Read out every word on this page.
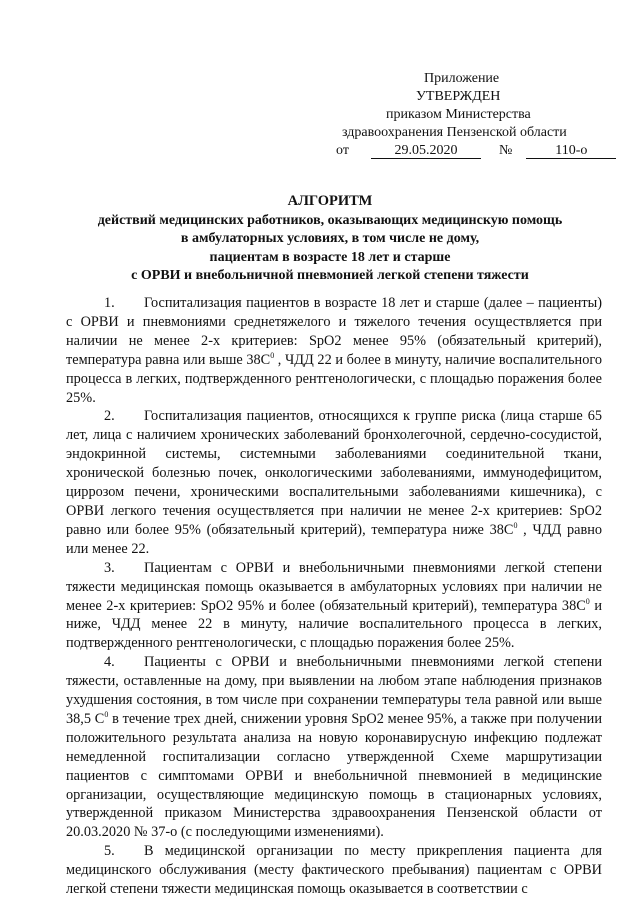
Приложение
УТВЕРЖДЕН
приказом Министерства
здравоохранения Пензенской области
от	29.05.2020	№	110-о
АЛГОРИТМ
действий медицинских работников, оказывающих медицинскую помощь
в амбулаторных условиях, в том числе не дому,
пациентам в возрасте 18 лет и старше
с ОРВИ и внебольничной пневмонией легкой степени тяжести

1. Госпитализация пациентов в возрасте 18 лет и старше (далее – пациенты) с ОРВИ и пневмониями среднетяжелого и тяжелого течения осуществляется при наличии не менее 2-х критериев: SpO2 менее 95% (обязательный критерий), температура равна или выше $38С^0$ , ЧДД 22 и более в минуту, наличие воспалительного процесса в легких, подтвержденного рентгенологически, с площадью поражения более 25%.

2. Госпитализация пациентов, относящихся к группе риска (лица старше 65 лет, лица с наличием хронических заболеваний бронхолегочной, сердечно-сосудистой, эндокринной системы, системными заболеваниями соединительной ткани, хронической болезнью почек, онкологическими заболеваниями, иммунодефицитом, циррозом печени, хроническими воспалительными заболеваниями кишечника), с ОРВИ легкого течения осуществляется при наличии не менее 2-х критериев: SpO2 равно или более 95% (обязательный критерий), температура ниже $38С^0$ , ЧДД равно или менее 22.

3. Пациентам с ОРВИ и внебольничными пневмониями легкой степени тяжести медицинская помощь оказывается в амбулаторных условиях при наличии не менее 2-х критериев: SpO2 95% и более (обязательный критерий), температура $38С^0$ и ниже, ЧДД менее 22 в минуту, наличие воспалительного процесса в легких, подтвержденного рентгенологически, с площадью поражения более 25%.

4. Пациенты с ОРВИ и внебольничными пневмониями легкой степени тяжести, оставленные на дому, при выявлении на любом этапе наблюдения признаков ухудшения состояния, в том числе при сохранении температуры тела равной или выше 38,5 $С^0$ в течение трех дней, снижении уровня SpO2 менее 95%, а также при получении положительного результата анализа на новую коронавирусную инфекцию подлежат немедленной госпитализации согласно утвержденной Схеме маршрутизации пациентов с симптомами ОРВИ и внебольничной пневмонией в медицинские организации, осуществляющие медицинскую помощь в стационарных условиях, утвержденной приказом Министерства здравоохранения Пензенской области от 20.03.2020 № 37-о (с последующими изменениями).

5. В медицинской организации по месту прикрепления пациента для медицинского обслуживания (месту фактического пребывания) пациентам с ОРВИ легкой степени тяжести медицинская помощь оказывается в соответствии с
